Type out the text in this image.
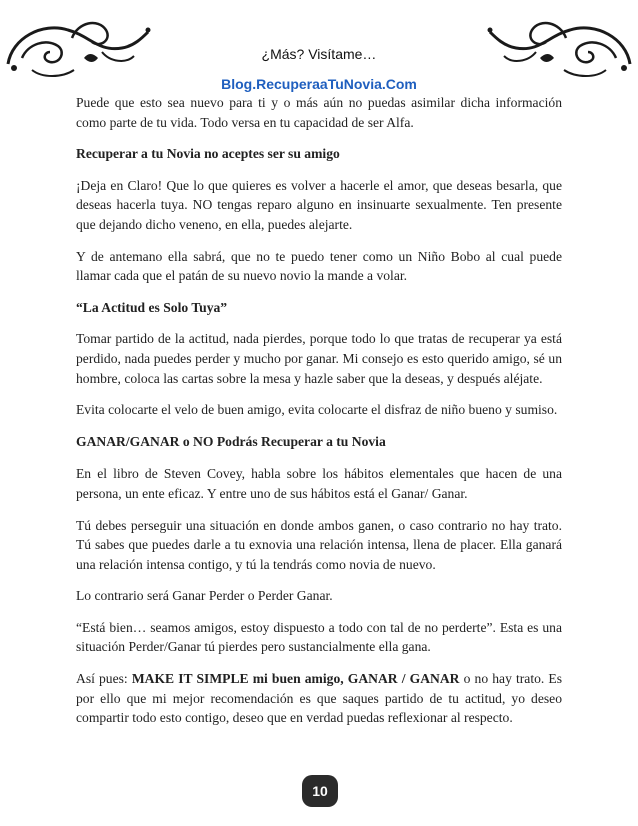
¿Más? Visítame…
Blog.RecuperaaTuNovia.Com

Puede que esto sea nuevo para ti y o más aún no puedas asimilar dicha información como parte de tu vida. Todo versa en tu capacidad de ser Alfa.

Recuperar a tu Novia no aceptes ser su amigo

¡Deja en Claro! Que lo que quieres es volver a hacerle el amor, que deseas besarla, que deseas hacerla tuya. NO tengas reparo alguno en insinuarte sexualmente. Ten presente que dejando dicho veneno, en ella, puedes alejarte.

Y de antemano ella sabrá, que no te puedo tener como un Niño Bobo al cual puede llamar cada que el patán de su nuevo novio la mande a volar.

“La Actitud es Solo Tuya”

Tomar partido de la actitud, nada pierdes, porque todo lo que tratas de recuperar ya está perdido, nada puedes perder y mucho por ganar. Mi consejo es esto querido amigo, sé un hombre, coloca las cartas sobre la mesa y hazle saber que la deseas, y después aléjate.

Evita colocarte el velo de buen amigo, evita colocarte el disfraz de niño bueno y sumiso.

GANAR/GANAR o NO Podrás Recuperar a tu Novia

En el libro de Steven Covey, habla sobre los hábitos elementales que hacen de una persona, un ente eficaz. Y entre uno de sus hábitos está el Ganar/ Ganar.

Tú debes perseguir una situación en donde ambos ganen, o caso contrario no hay trato. Tú sabes que puedes darle a tu exnovia una relación intensa, llena de placer. Ella ganará una relación intensa contigo, y tú la tendrás como novia de nuevo.

Lo contrario será Ganar Perder o Perder Ganar.

“Está bien… seamos amigos, estoy dispuesto a todo con tal de no perderte”. Esta es una situación Perder/Ganar tú pierdes pero sustancialmente ella gana.

Así pues: MAKE IT SIMPLE mi buen amigo, GANAR / GANAR o no hay trato. Es por ello que mi mejor recomendación es que saques partido de tu actitud, yo deseo compartir todo esto contigo, deseo que en verdad puedas reflexionar al respecto.

10
